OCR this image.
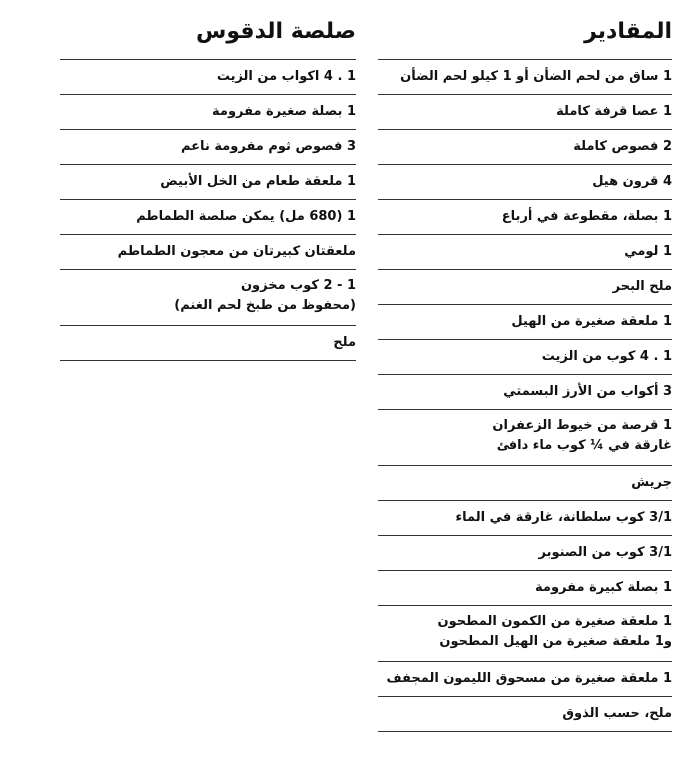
المقادير
1 ساق من لحم الضأن أو 1 كيلو لحم الضأن
1 عصا قرفة كاملة
2 فصوص كاملة
4 قرون هيل
1 بصلة، مقطوعة في أرباع
1 لومي
ملح البحر
1 ملعقة صغيرة من الهيل
1 . 4 كوب من الزيت
3 أكواب من الأرز البسمتي
1 قرصة من خيوط الزعفران
غارقة في ¼ كوب ماء دافئ
جريش
3/1 كوب سلطانة، غارقة في الماء
3/1 كوب من الصنوبر
1 بصلة كبيرة مفرومة
1 ملعقة صغيرة من الكمون المطحون
و1 ملعقة صغيرة من الهيل المطحون
1 ملعقة صغيرة من مسحوق الليمون المجفف
ملح، حسب الذوق
صلصة الدقوس
1 . 4 اكواب من الزيت
1 بصلة صغيرة مفرومة
3 فصوص ثوم مفرومة ناعم
1 ملعقة طعام من الخل الأبيض
1 (680 مل) يمكن صلصة الطماطم
ملعقتان كبيرتان من معجون الطماطم
1 - 2 كوب مخزون
(محفوظ من طبخ لحم الغنم)
ملح
